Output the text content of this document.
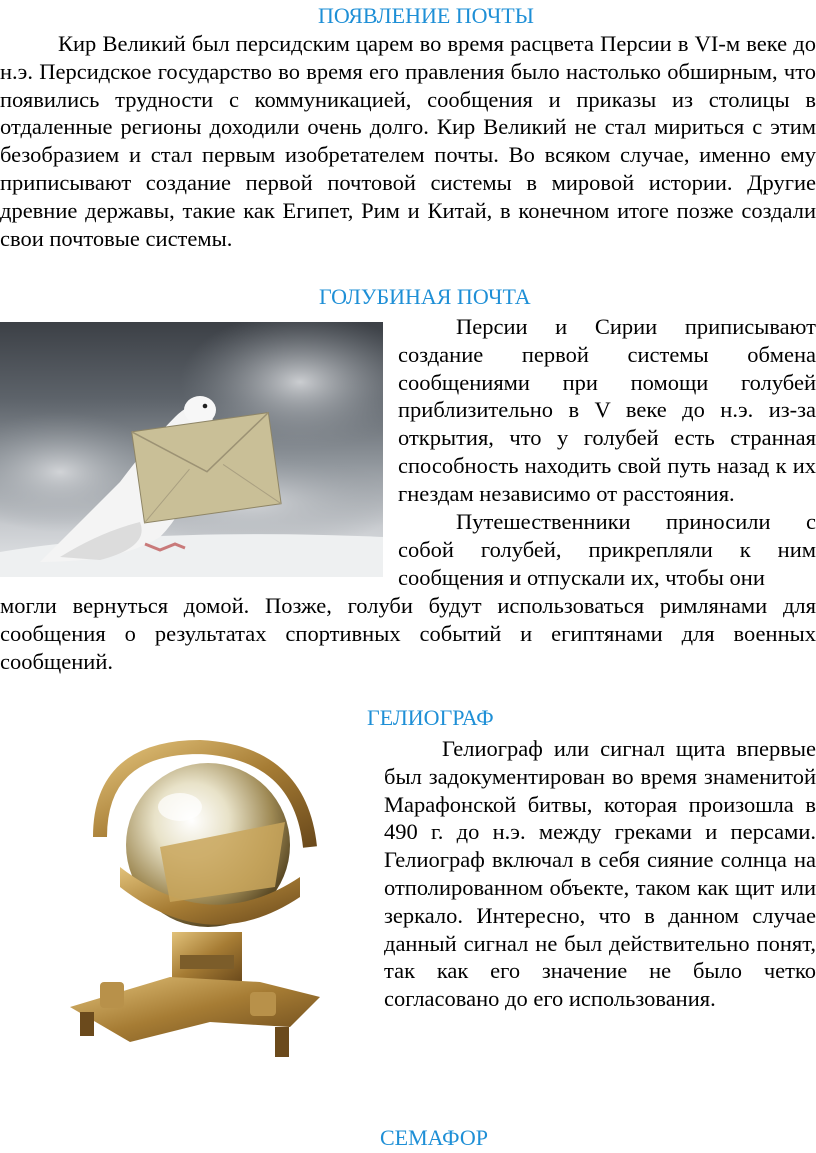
ПОЯВЛЕНИЕ ПОЧТЫ

Кир Великий был персидским царем во время расцвета Персии в VI-м веке до н.э. Персидское государство во время его правления было настолько обширным, что появились трудности с коммуникацией, сообщения и приказы из столицы в отдаленные регионы доходили очень долго. Кир Великий не стал мириться с этим безобразием и стал первым изобретателем почты. Во всяком случае, именно ему приписывают создание первой почтовой системы в мировой истории. Другие древние державы, такие как Египет, Рим и Китай, в конечном итоге позже создали свои почтовые системы.

ГОЛУБИНАЯ ПОЧТА

Персии и Сирии приписывают создание первой системы обмена сообщениями при помощи голубей приблизительно в V веке до н.э. из-за открытия, что у голубей есть странная способность находить свой путь назад к их гнездам независимо от расстояния.

Путешественники приносили с собой голубей, прикрепляли к ним сообщения и отпускали их, чтобы они

могли вернуться домой. Позже, голуби будут использоваться римлянами для сообщения о результатах спортивных событий и египтянами для военных сообщений.

ГЕЛИОГРАФ

Гелиограф или сигнал щита впервые был задокументирован во время знаменитой Марафонской битвы, которая произошла в 490 г. до н.э. между греками и персами. Гелиограф включал в себя сияние солнца на отполированном объекте, таком как щит или зеркало. Интересно, что в данном случае данный сигнал не был действительно понят, так как его значение не было четко согласовано до его использования.

СЕМАФОР
